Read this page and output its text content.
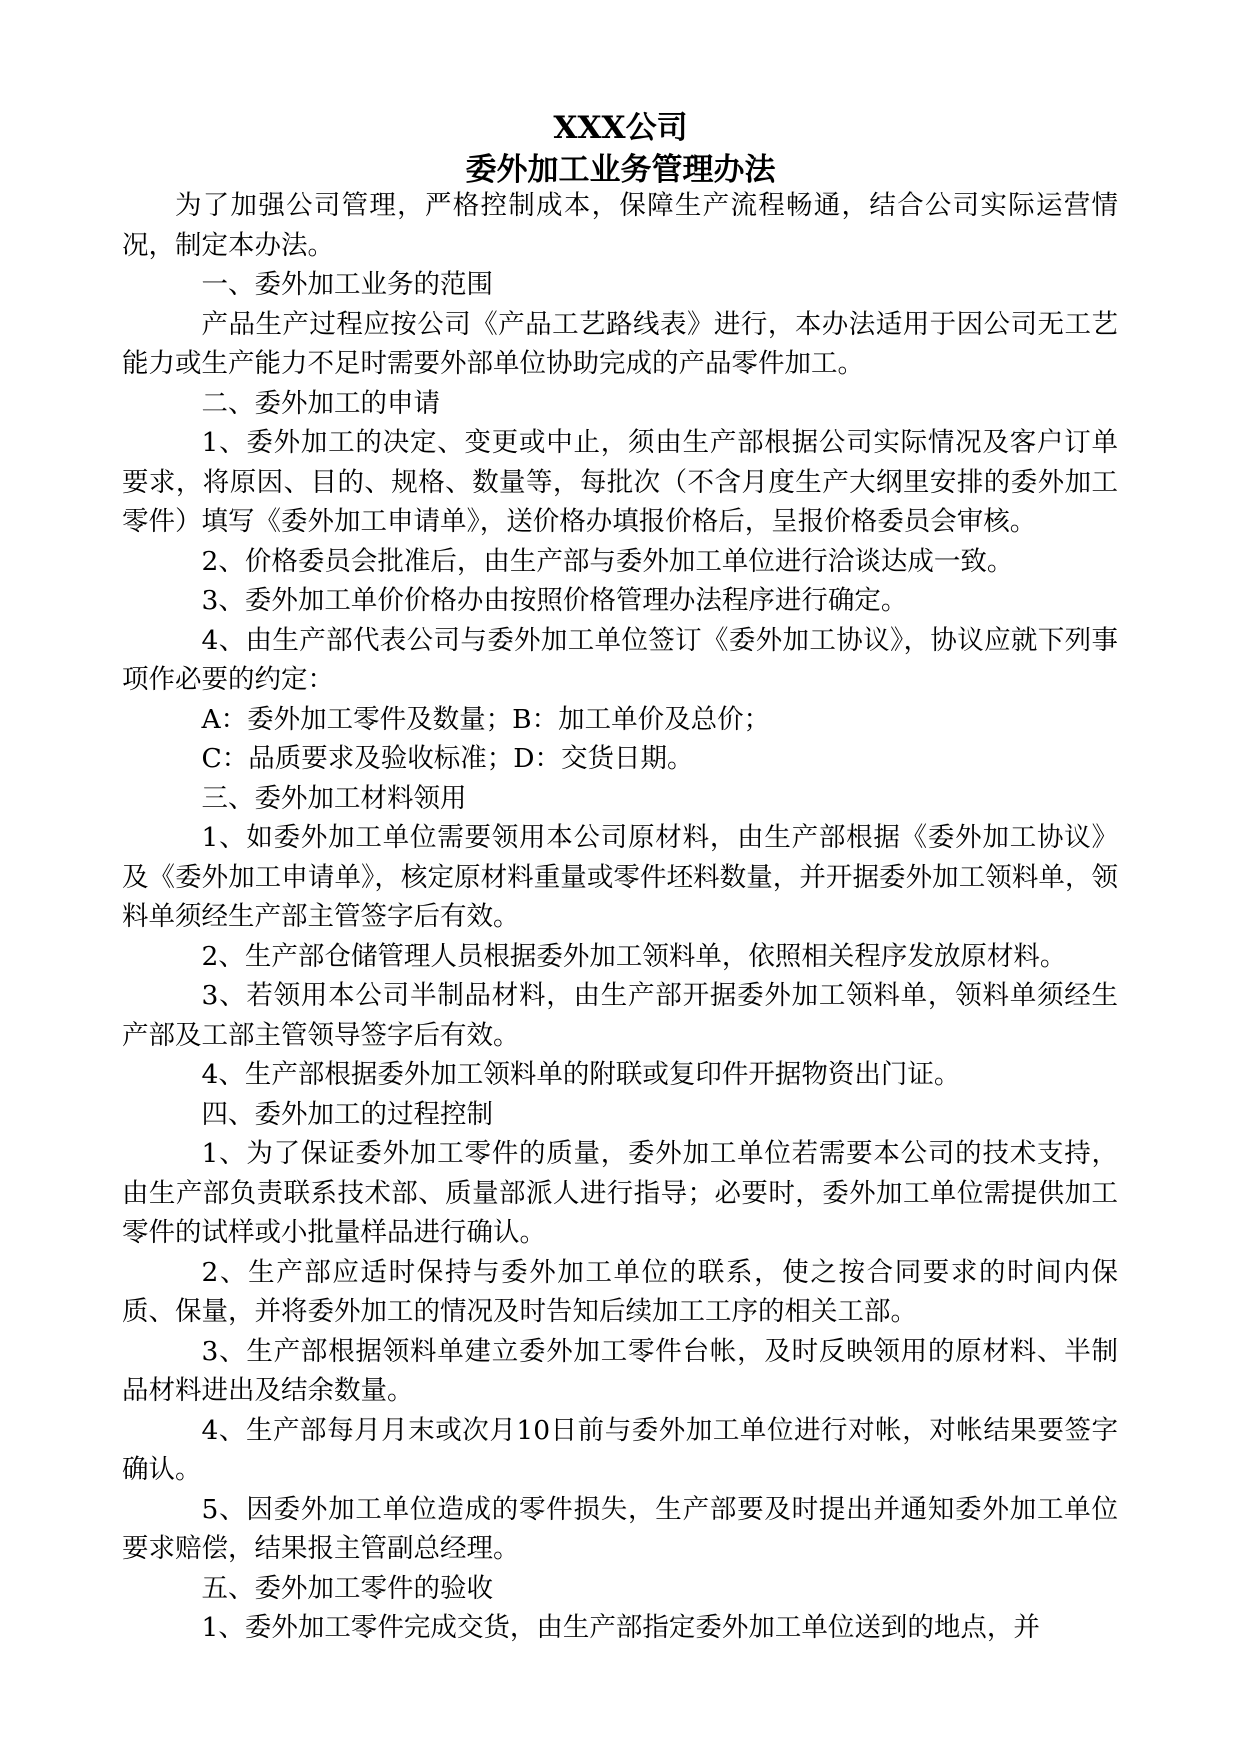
XXX公司
委外加工业务管理办法

为了加强公司管理，严格控制成本，保障生产流程畅通，结合公司实际运营情况，制定本办法。

一、委外加工业务的范围

产品生产过程应按公司《产品工艺路线表》进行，本办法适用于因公司无工艺能力或生产能力不足时需要外部单位协助完成的产品零件加工。

二、委外加工的申请

1、委外加工的决定、变更或中止，须由生产部根据公司实际情况及客户订单要求，将原因、目的、规格、数量等，每批次（不含月度生产大纲里安排的委外加工零件）填写《委外加工申请单》，送价格办填报价格后，呈报价格委员会审核。

2、价格委员会批准后，由生产部与委外加工单位进行洽谈达成一致。

3、委外加工单价价格办由按照价格管理办法程序进行确定。

4、由生产部代表公司与委外加工单位签订《委外加工协议》，协议应就下列事项作必要的约定：

A：委外加工零件及数量；B：加工单价及总价；

C：品质要求及验收标准；D：交货日期。

三、委外加工材料领用

1、如委外加工单位需要领用本公司原材料，由生产部根据《委外加工协议》及《委外加工申请单》，核定原材料重量或零件坯料数量，并开据委外加工领料单，领料单须经生产部主管签字后有效。

2、生产部仓储管理人员根据委外加工领料单，依照相关程序发放原材料。

3、若领用本公司半制品材料，由生产部开据委外加工领料单，领料单须经生产部及工部主管领导签字后有效。

4、生产部根据委外加工领料单的附联或复印件开据物资出门证。

四、委外加工的过程控制

1、为了保证委外加工零件的质量，委外加工单位若需要本公司的技术支持，由生产部负责联系技术部、质量部派人进行指导；必要时，委外加工单位需提供加工零件的试样或小批量样品进行确认。

2、生产部应适时保持与委外加工单位的联系，使之按合同要求的时间内保质、保量，并将委外加工的情况及时告知后续加工工序的相关工部。

3、生产部根据领料单建立委外加工零件台帐，及时反映领用的原材料、半制品材料进出及结余数量。

4、生产部每月月末或次月10日前与委外加工单位进行对帐，对帐结果要签字确认。

5、因委外加工单位造成的零件损失，生产部要及时提出并通知委外加工单位要求赔偿，结果报主管副总经理。

五、委外加工零件的验收

1、委外加工零件完成交货，由生产部指定委外加工单位送到的地点，并
